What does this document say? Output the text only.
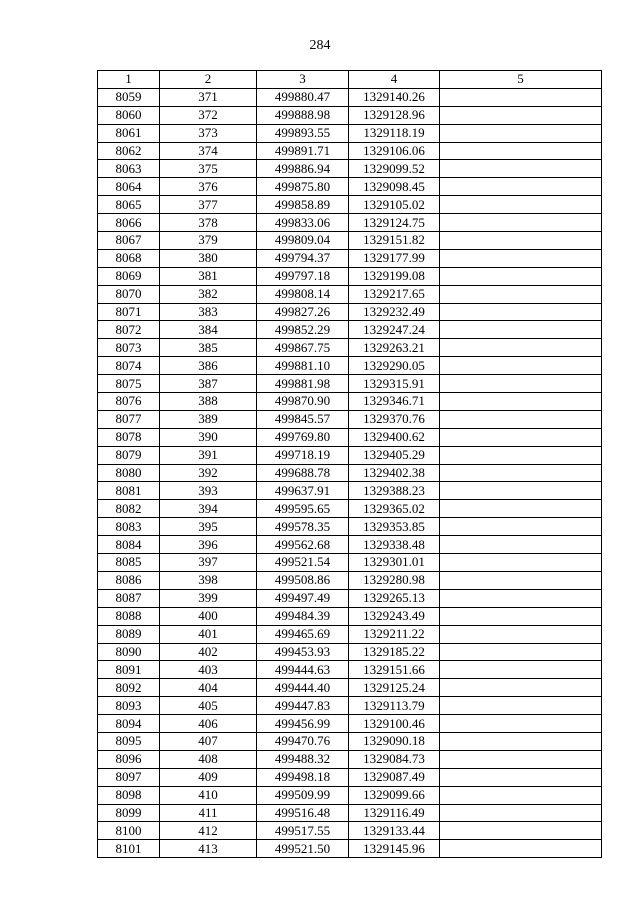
284
1	2	3	4	5
8059	371	499880.47	1329140.26	
8060	372	499888.98	1329128.96	
8061	373	499893.55	1329118.19	
8062	374	499891.71	1329106.06	
8063	375	499886.94	1329099.52	
8064	376	499875.80	1329098.45	
8065	377	499858.89	1329105.02	
8066	378	499833.06	1329124.75	
8067	379	499809.04	1329151.82	
8068	380	499794.37	1329177.99	
8069	381	499797.18	1329199.08	
8070	382	499808.14	1329217.65	
8071	383	499827.26	1329232.49	
8072	384	499852.29	1329247.24	
8073	385	499867.75	1329263.21	
8074	386	499881.10	1329290.05	
8075	387	499881.98	1329315.91	
8076	388	499870.90	1329346.71	
8077	389	499845.57	1329370.76	
8078	390	499769.80	1329400.62	
8079	391	499718.19	1329405.29	
8080	392	499688.78	1329402.38	
8081	393	499637.91	1329388.23	
8082	394	499595.65	1329365.02	
8083	395	499578.35	1329353.85	
8084	396	499562.68	1329338.48	
8085	397	499521.54	1329301.01	
8086	398	499508.86	1329280.98	
8087	399	499497.49	1329265.13	
8088	400	499484.39	1329243.49	
8089	401	499465.69	1329211.22	
8090	402	499453.93	1329185.22	
8091	403	499444.63	1329151.66	
8092	404	499444.40	1329125.24	
8093	405	499447.83	1329113.79	
8094	406	499456.99	1329100.46	
8095	407	499470.76	1329090.18	
8096	408	499488.32	1329084.73	
8097	409	499498.18	1329087.49	
8098	410	499509.99	1329099.66	
8099	411	499516.48	1329116.49	
8100	412	499517.55	1329133.44	
8101	413	499521.50	1329145.96	
